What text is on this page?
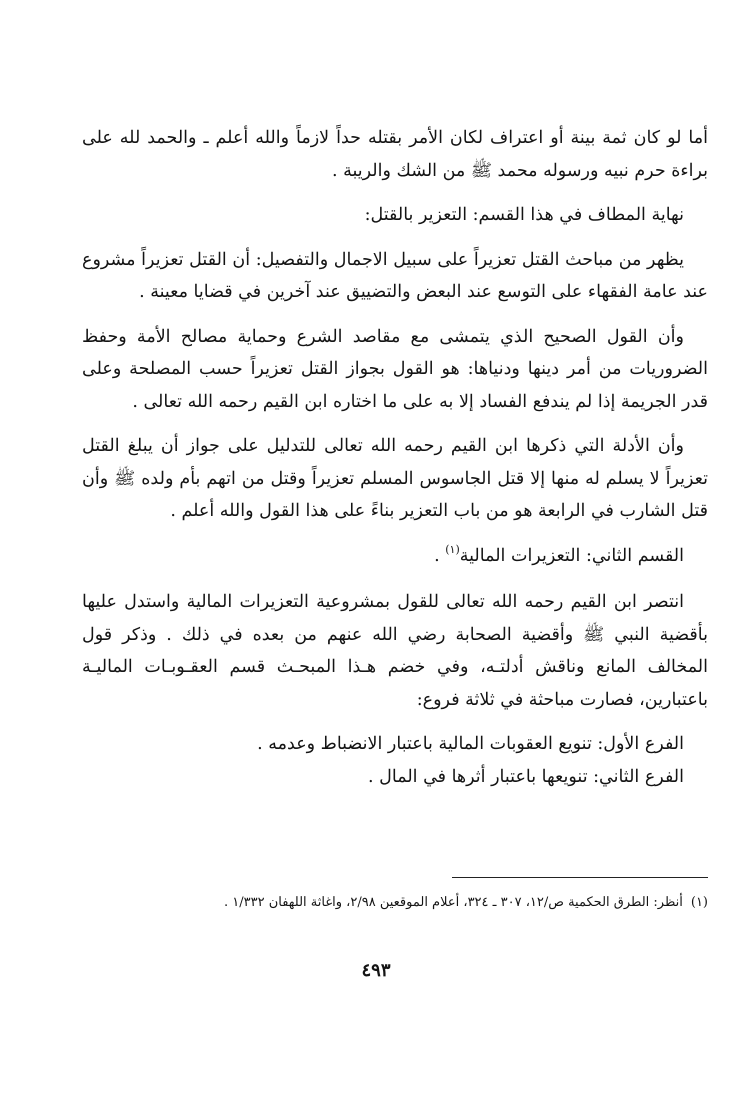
أما لو كان ثمة بينة أو اعتراف لكان الأمر بقتله حداً لازماً والله أعلم ـ والحمد لله على براءة حرم نبيه ورسوله محمد ﷺ من الشك والريبة .

نهاية المطاف في هذا القسم: التعزير بالقتل:

يظهر من مباحث القتل تعزيراً على سبيل الاجمال والتفصيل: أن القتل تعزيراً مشروع عند عامة الفقهاء على التوسع عند البعض والتضييق عند آخرين في قضايا معينة .

وأن القول الصحيح الذي يتمشى مع مقاصد الشرع وحماية مصالح الأمة وحفظ الضروريات من أمر دينها ودنياها: هو القول بجواز القتل تعزيراً حسب المصلحة وعلى قدر الجريمة إذا لم يندفع الفساد إلا به على ما اختاره ابن القيم رحمه الله تعالى .

وأن الأدلة التي ذكرها ابن القيم رحمه الله تعالى للتدليل على جواز أن يبلغ القتل تعزيراً لا يسلم له منها إلا قتل الجاسوس المسلم تعزيراً وقتل من اتهم بأم ولده ﷺ وأن قتل الشارب في الرابعة هو من باب التعزير بناءً على هذا القول والله أعلم .

القسم الثاني: التعزيرات المالية$^{(١)}$ .

انتصر ابن القيم رحمه الله تعالى للقول بمشروعية التعزيرات المالية واستدل عليها بأقضية النبي ﷺ وأقضية الصحابة رضي الله عنهم من بعده في ذلك . وذكر قول المخالف المانع وناقش أدلتـه، وفي خضم هـذا المبحـث قسم العقـوبـات الماليـة باعتبارين، فصارت مباحثة في ثلاثة فروع:

الفرع الأول: تنويع العقوبات المالية باعتبار الانضباط وعدمه .

الفرع الثاني: تنويعها باعتبار أثرها في المال .

(١)أنظر: الطرق الحكمية ص/١٢، ٣٠٧ ـ ٣٢٤، أعلام الموقعين ٢/٩٨، واغاثة اللهفان ١/٣٣٢ .
٤٩٣
